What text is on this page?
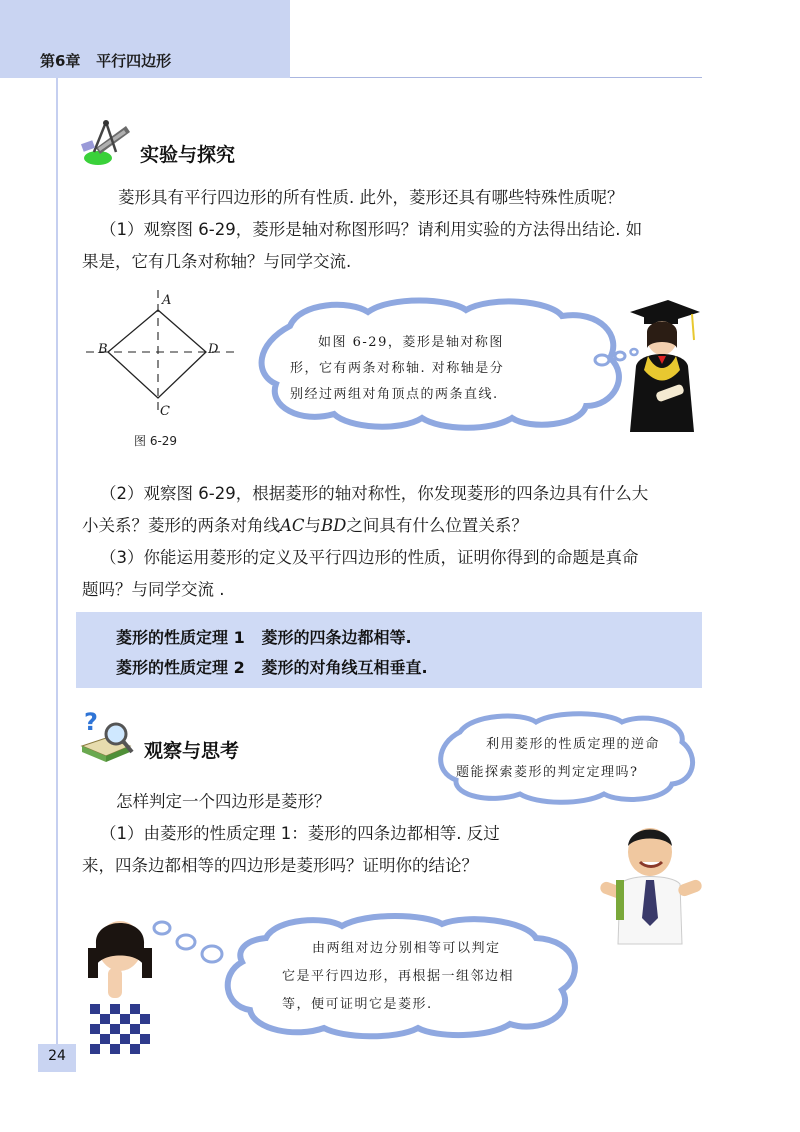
第6章 平行四边形
实验与探究
菱形具有平行四边形的所有性质. 此外，菱形还具有哪些特殊性质呢？
（1）观察图 6-29，菱形是轴对称图形吗？请利用实验的方法得出结论. 如
果是，它有几条对称轴？与同学交流.
A
B
C
D
图 6-29
如图 6-29，菱形是轴对称图
形，它有两条对称轴. 对称轴是分
别经过两组对角顶点的两条直线.
（2）观察图 6-29，根据菱形的轴对称性，你发现菱形的四条边具有什么大
小关系？菱形的两条对角线AC与BD之间具有什么位置关系？
（3）你能运用菱形的定义及平行四边形的性质，证明你得到的命题是真命
题吗？与同学交流 .
菱形的性质定理 1 菱形的四条边都相等.
菱形的性质定理 2 菱形的对角线互相垂直.
?
观察与思考	利用菱形的性质定理的逆命
题能探索菱形的判定定理吗?
怎样判定一个四边形是菱形？
（1）由菱形的性质定理 1：菱形的四条边都相等. 反过
来，四条边都相等的四边形是菱形吗？证明你的结论？
由两组对边分别相等可以判定
它是平行四边形，再根据一组邻边相
等，便可证明它是菱形.
24
